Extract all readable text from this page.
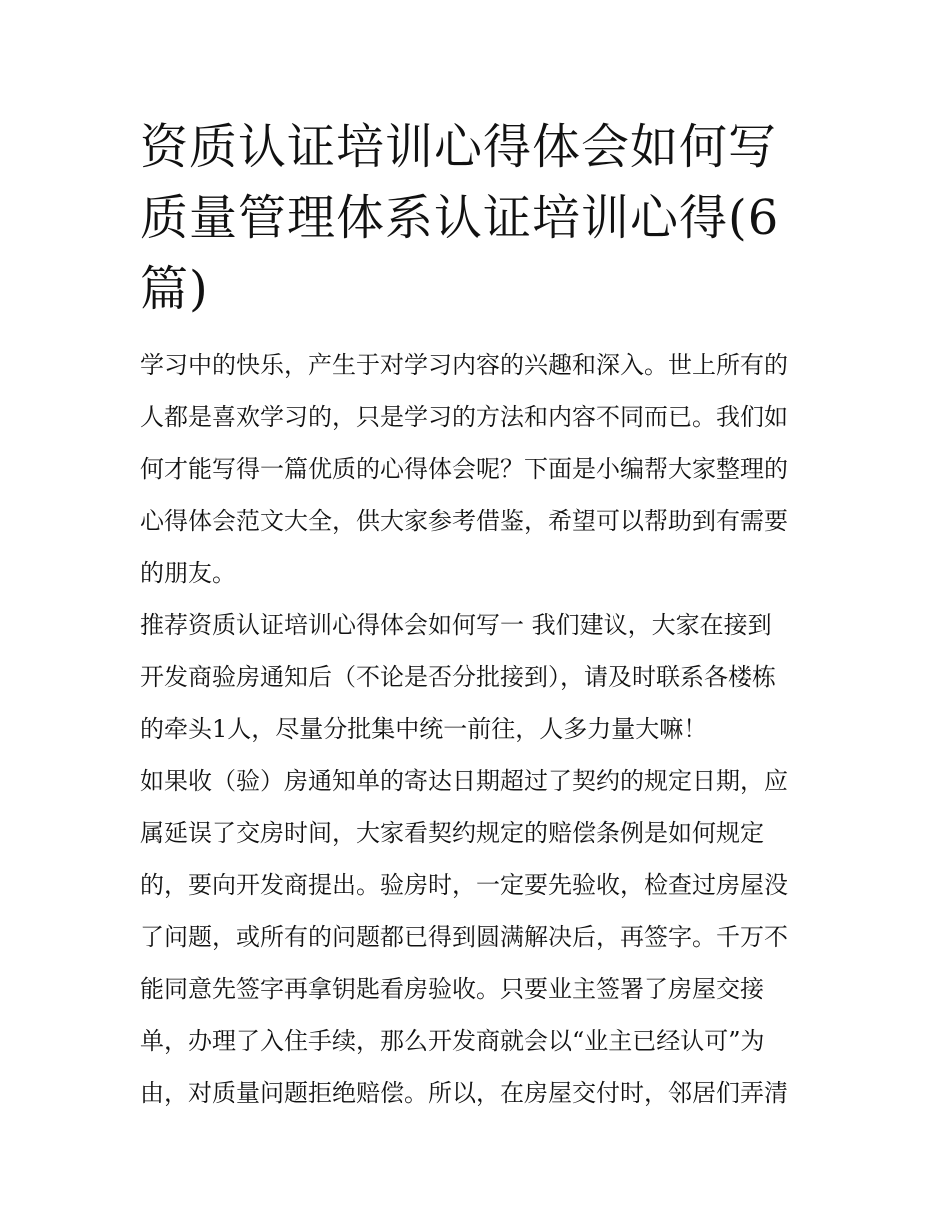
资质认证培训心得体会如何写
质量管理体系认证培训心得(6
篇)

学习中的快乐，产生于对学习内容的兴趣和深入。世上所有的
人都是喜欢学习的，只是学习的方法和内容不同而已。我们如
何才能写得一篇优质的心得体会呢？下面是小编帮大家整理的
心得体会范文大全，供大家参考借鉴，希望可以帮助到有需要
的朋友。

推荐资质认证培训心得体会如何写一 我们建议，大家在接到
开发商验房通知后（不论是否分批接到），请及时联系各楼栋
的牵头1人，尽量分批集中统一前往，人多力量大嘛！

如果收（验）房通知单的寄达日期超过了契约的规定日期，应
属延误了交房时间，大家看契约规定的赔偿条例是如何规定
的，要向开发商提出。验房时，一定要先验收，检查过房屋没
了问题，或所有的问题都已得到圆满解决后，再签字。千万不
能同意先签字再拿钥匙看房验收。只要业主签署了房屋交接
单，办理了入住手续，那么开发商就会以“业主已经认可”为
由，对质量问题拒绝赔偿。所以，在房屋交付时，邻居们弄清
